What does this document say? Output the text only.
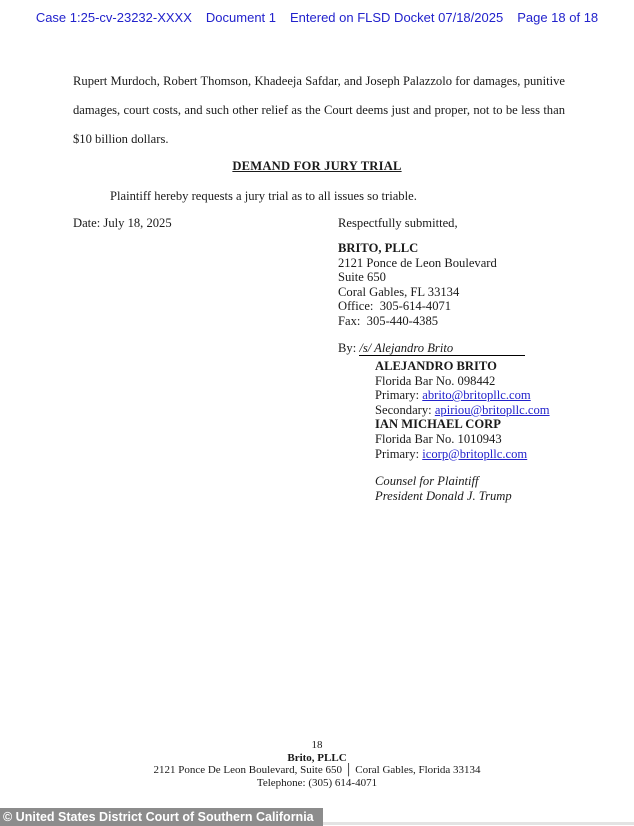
Case 1:25-cv-23232-XXXX Document 1 Entered on FLSD Docket 07/18/2025 Page 18 of 18
Rupert Murdoch, Robert Thomson, Khadeeja Safdar, and Joseph Palazzolo for damages, punitive damages, court costs, and such other relief as the Court deems just and proper, not to be less than $10 billion dollars.
DEMAND FOR JURY TRIAL
Plaintiff hereby requests a jury trial as to all issues so triable.
Date: July 18, 2025	Respectfully submitted,
BRITO, PLLC
2121 Ponce de Leon Boulevard
Suite 650
Coral Gables, FL 33134
Office:  305-614-4071
Fax:  305-440-4385
By: /s/ Alejandro Brito
ALEJANDRO BRITO
Florida Bar No. 098442
Primary: abrito@britopllc.com
Secondary: apiriou@britopllc.com
IAN MICHAEL CORP
Florida Bar No. 1010943
Primary: icorp@britopllc.com
Counsel for Plaintiff
President Donald J. Trump
18
Brito, PLLC
2121 Ponce De Leon Boulevard, Suite 650 │ Coral Gables, Florida 33134
Telephone: (305) 614-4071
© United States District Court of Southern California
